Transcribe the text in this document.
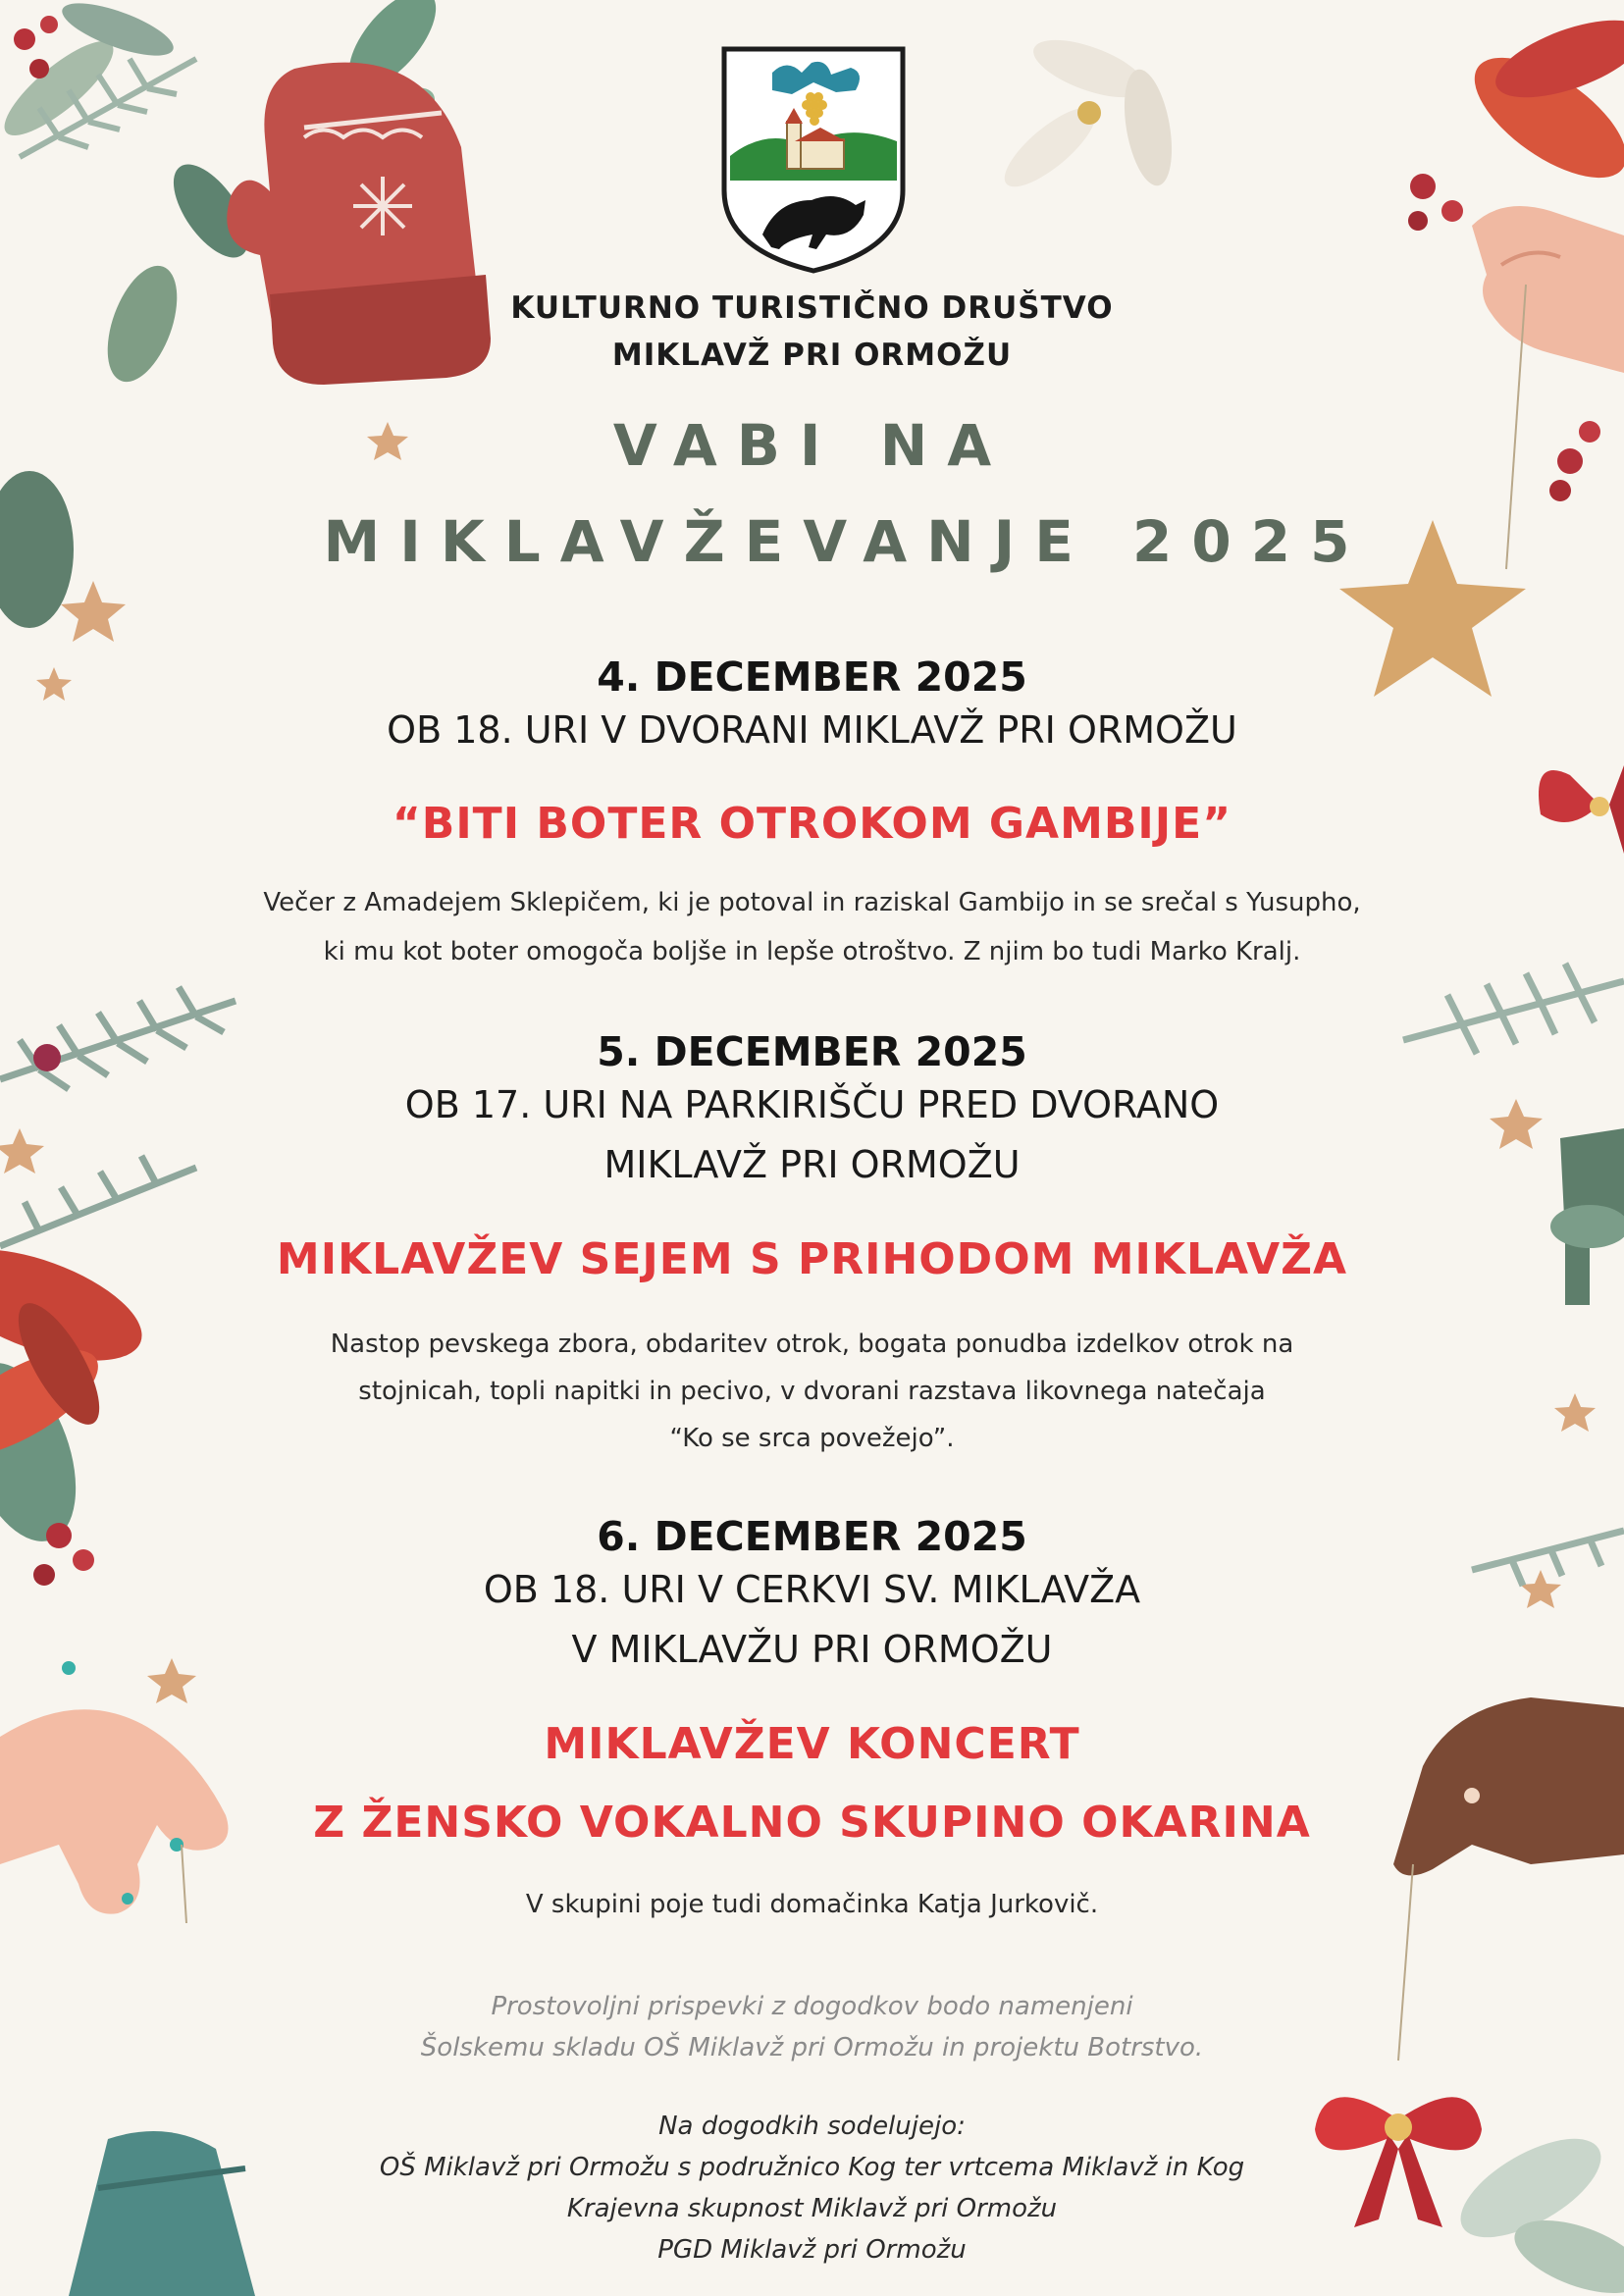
KULTURNO TURISTIČNO DRUŠTVO

MIKLAVŽ PRI ORMOŽU

VABI NA

MIKLAVŽEVANJE 2025

4. DECEMBER 2025

OB 18. URI V DVORANI MIKLAVŽ PRI ORMOŽU

“BITI BOTER OTROKOM GAMBIJE”

Večer z Amadejem Sklepičem, ki je potoval in raziskal Gambijo in se srečal s Yusupho,

ki mu kot boter omogoča boljše in lepše otroštvo. Z njim bo tudi Marko Kralj.

5. DECEMBER 2025

OB 17. URI NA PARKIRIŠČU PRED DVORANO

MIKLAVŽ PRI ORMOŽU

MIKLAVŽEV SEJEM S PRIHODOM MIKLAVŽA

Nastop pevskega zbora, obdaritev otrok, bogata ponudba izdelkov otrok na

stojnicah, topli napitki in pecivo, v dvorani razstava likovnega natečaja

“Ko se srca povežejo”.

6. DECEMBER 2025

OB 18. URI V CERKVI SV. MIKLAVŽA

V MIKLAVŽU PRI ORMOŽU

MIKLAVŽEV KONCERT

Z ŽENSKO VOKALNO SKUPINO OKARINA

V skupini poje tudi domačinka Katja Jurkovič.

Prostovoljni prispevki z dogodkov bodo namenjeni

Šolskemu skladu OŠ Miklavž pri Ormožu in projektu Botrstvo.

Na dogodkih sodelujejo:

OŠ Miklavž pri Ormožu s podružnico Kog ter vrtcema Miklavž in Kog

Krajevna skupnost Miklavž pri Ormožu

PGD Miklavž pri Ormožu
